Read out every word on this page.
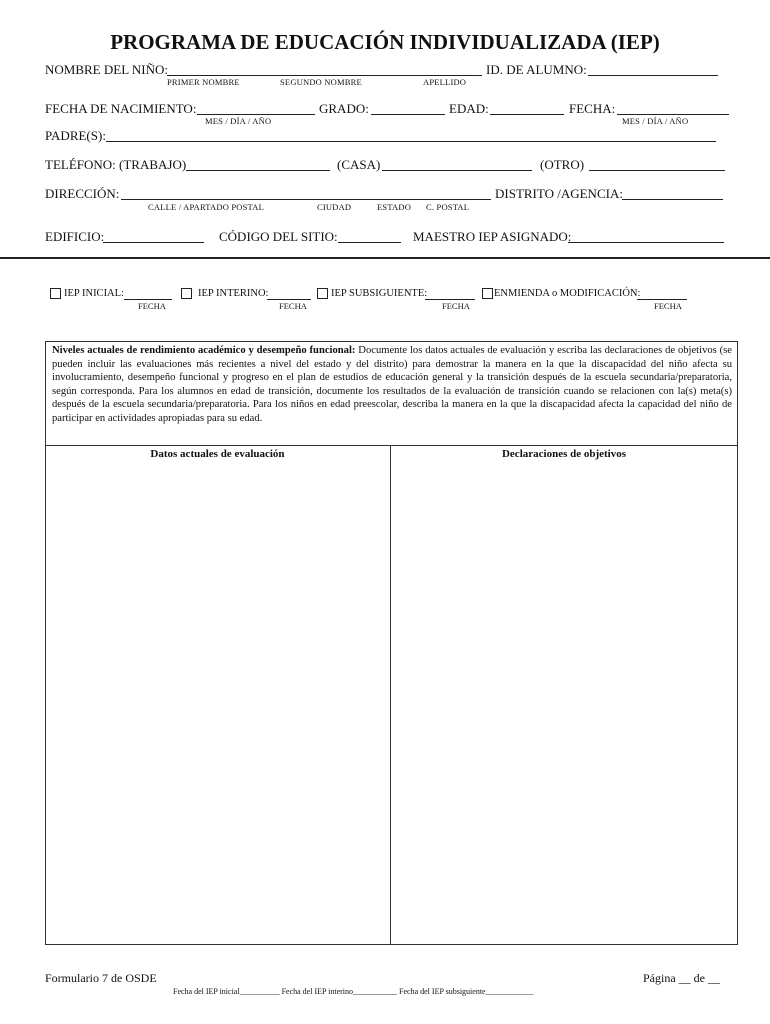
PROGRAMA DE EDUCACIÓN INDIVIDUALIZADA (IEP)
NOMBRE DEL NIÑO:	ID. DE ALUMNO:
PRIMER NOMBRE	SEGUNDO NOMBRE	APELLIDO
FECHA DE NACIMIENTO:	GRADO:	EDAD:	FECHA:
MES / DÍA / AÑO	MES / DÍA / AÑO
PADRE(S):
TELÉFONO: (TRABAJO)	(CASA)	(OTRO)
DIRECCIÓN:	DISTRITO /AGENCIA:
CALLE / APARTADO POSTAL	CIUDAD	ESTADO C. POSTAL
EDIFICIO:	CÓDIGO DEL SITIO:	MAESTRO IEP ASIGNADO:
IEP INICIAL:
FECHA
IEP INTERINO:
FECHA
IEP SUBSIGUIENTE:
FECHA
ENMIENDA o MODIFICACIÓN:
FECHA
Niveles actuales de rendimiento académico y desempeño funcional: Documente los datos actuales de evaluación y escriba las declaraciones de objetivos (se pueden incluir las evaluaciones más recientes a nivel del estado y del distrito) para demostrar la manera en la que la discapacidad del niño afecta su involucramiento, desempeño funcional y progreso en el plan de estudios de educación general y la transición después de la escuela secundaria/preparatoria, según corresponda. Para los alumnos en edad de transición, documente los resultados de la evaluación de transición cuando se relacionen con la(s) meta(s) después de la escuela secundaria/preparatoria. Para los niños en edad preescolar, describa la manera en la que la discapacidad afecta la capacidad del niño de participar en actividades apropiadas para su edad.
Datos actuales de evaluación	Declaraciones de objetivos
Formulario 7 de OSDE	Página __ de __
Fecha del IEP inicial__________ Fecha del IEP interino___________ Fecha del IEP subsiguiente____________
